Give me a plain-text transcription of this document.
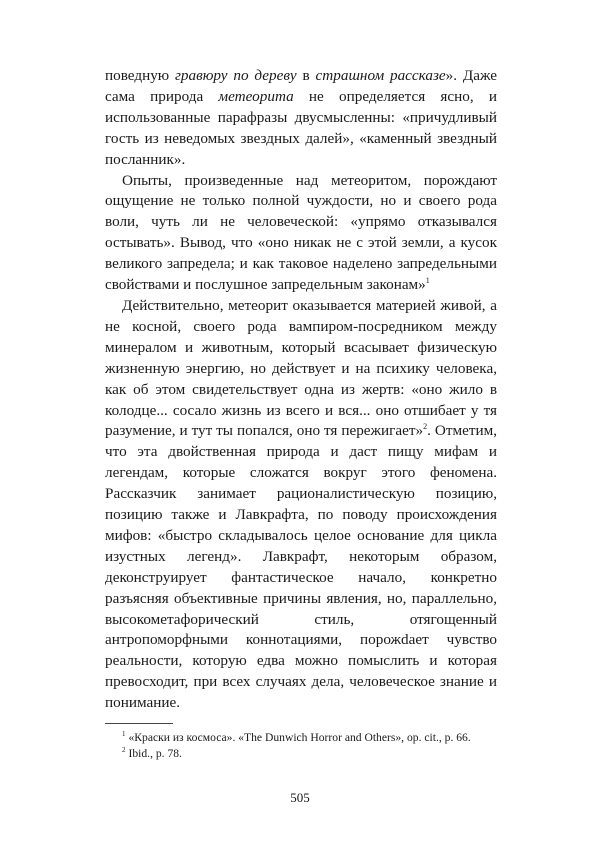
поведную гравюру по дереву в страшном рассказе». Даже сама природа метеорита не определяется ясно, и использованные парафразы двусмысленны: «причудливый гость из неведомых звездных далей», «каменный звездный посланник».

Опыты, произведенные над метеоритом, порождают ощущение не только полной чуждости, но и своего рода воли, чуть ли не человеческой: «упрямо отказывался остывать». Вывод, что «оно никак не с этой земли, а кусок великого запредела; и как таковое наделено запредельными свойствами и послушное запредельным законам»$^1$

Действительно, метеорит оказывается материей живой, а не косной, своего рода вампиром-посредником между минералом и животным, который всасывает физическую жизненную энергию, но действует и на психику человека, как об этом свидетельствует одна из жертв: «оно жило в колодце... сосало жизнь из всего и вся... оно отшибает у тя разумение, и тут ты попался, оно тя пережигает»$^2$. Отметим, что эта двойственная природа и даст пищу мифам и легендам, которые сложатся вокруг этого феномена. Рассказчик занимает рационалистическую позицию, позицию также и Лавкрафта, по поводу происхождения мифов: «быстро складывалось целое основание для цикла изустных легенд». Лавкрафт, некоторым образом, деконструирует фантастическое начало, конкретно разъясняя объективные причины явления, но, параллельно, высокометафорический стиль, отягощенный антропоморфными коннотациями, порожdает чувство реальности, которую едва можно помыслить и которая превосходит, при всех случаях дела, человеческое знание и понимание.

$^1$ «Краски из космоса». «The Dunwich Horror and Others», op. cit., p. 66.

$^2$ Ibid., p. 78.

505
